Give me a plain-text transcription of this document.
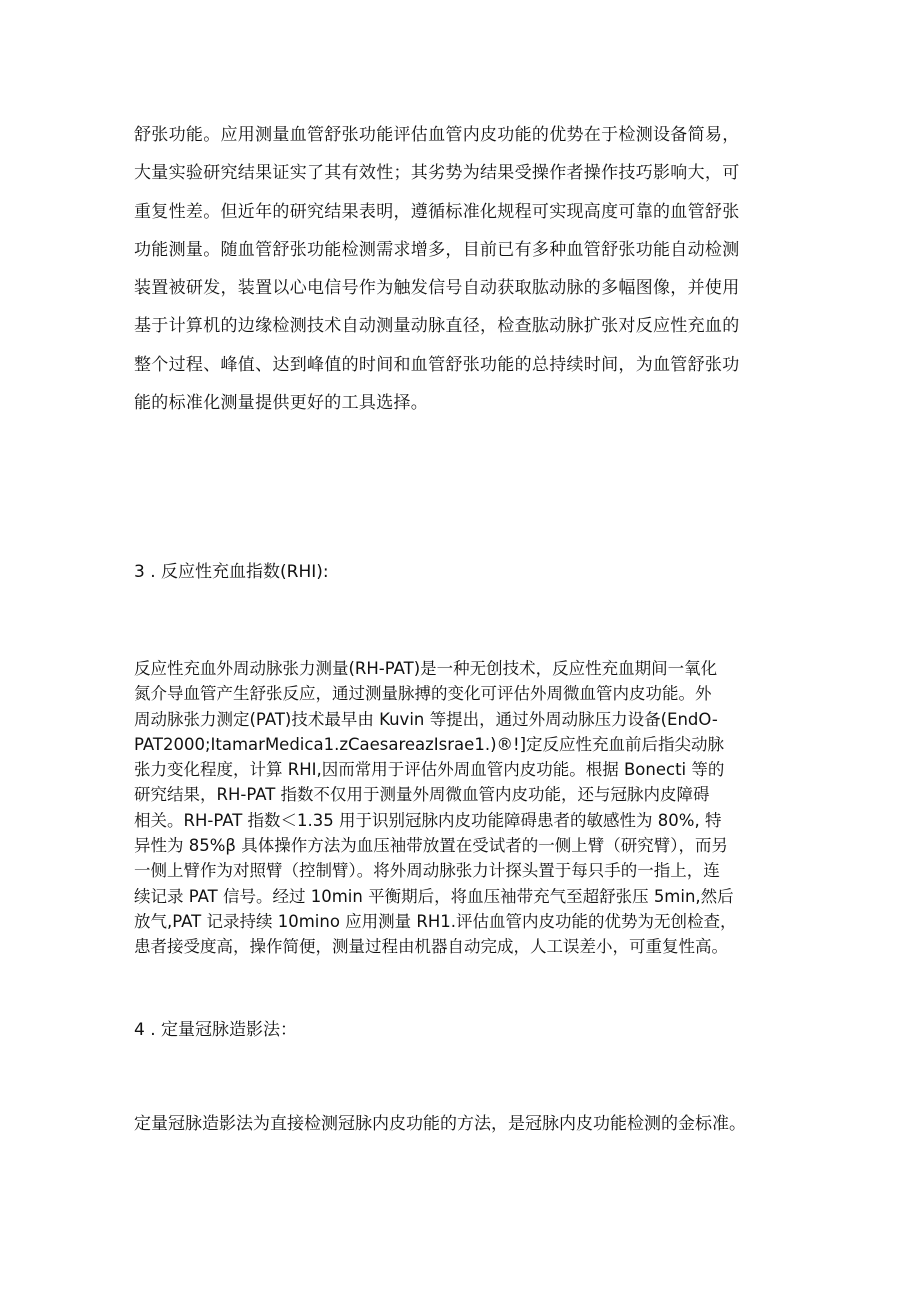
舒张功能。应用测量血管舒张功能评估血管内皮功能的优势在于检测设备简易，
大量实验研究结果证实了其有效性；其劣势为结果受操作者操作技巧影响大，可
重复性差。但近年的研究结果表明，遵循标准化规程可实现高度可靠的血管舒张
功能测量。随血管舒张功能检测需求增多，目前已有多种血管舒张功能自动检测
装置被研发，装置以心电信号作为触发信号自动获取肱动脉的多幅图像，并使用
基于计算机的边缘检测技术自动测量动脉直径，检查肱动脉扩张对反应性充血的
整个过程、峰值、达到峰值的时间和血管舒张功能的总持续时间，为血管舒张功
能的标准化测量提供更好的工具选择。
3 . 反应性充血指数(RHI):
反应性充血外周动脉张力测量(RH-PAT)是一种无创技术，反应性充血期间一氧化
氮介导血管产生舒张反应，通过测量脉搏的变化可评估外周微血管内皮功能。外
周动脉张力测定(PAT)技术最早由 Kuvin 等提出，通过外周动脉压力设备(EndO-
PAT2000;ItamarMedica1.zCaesareazIsrae1.)®!]定反应性充血前后指尖动脉
张力变化程度，计算 RHI,因而常用于评估外周血管内皮功能。根据 Bonecti 等的
研究结果，RH-PAT 指数不仅用于测量外周微血管内皮功能，还与冠脉内皮障碍
相关。RH-PAT 指数＜1.35 用于识别冠脉内皮功能障碍患者的敏感性为 80%, 特
异性为 85%β 具体操作方法为血压袖带放置在受试者的一侧上臂（研究臂），而另
一侧上臂作为对照臂（控制臂）。将外周动脉张力计探头置于每只手的一指上，连
续记录 PAT 信号。经过 10min 平衡期后，将血压袖带充气至超舒张压 5min,然后
放气,PAT 记录持续 10mino 应用测量 RH1.评估血管内皮功能的优势为无创检查，
患者接受度高，操作简便，测量过程由机器自动完成，人工误差小，可重复性高。
4 . 定量冠脉造影法：

定量冠脉造影法为直接检测冠脉内皮功能的方法，是冠脉内皮功能检测的金标准。
